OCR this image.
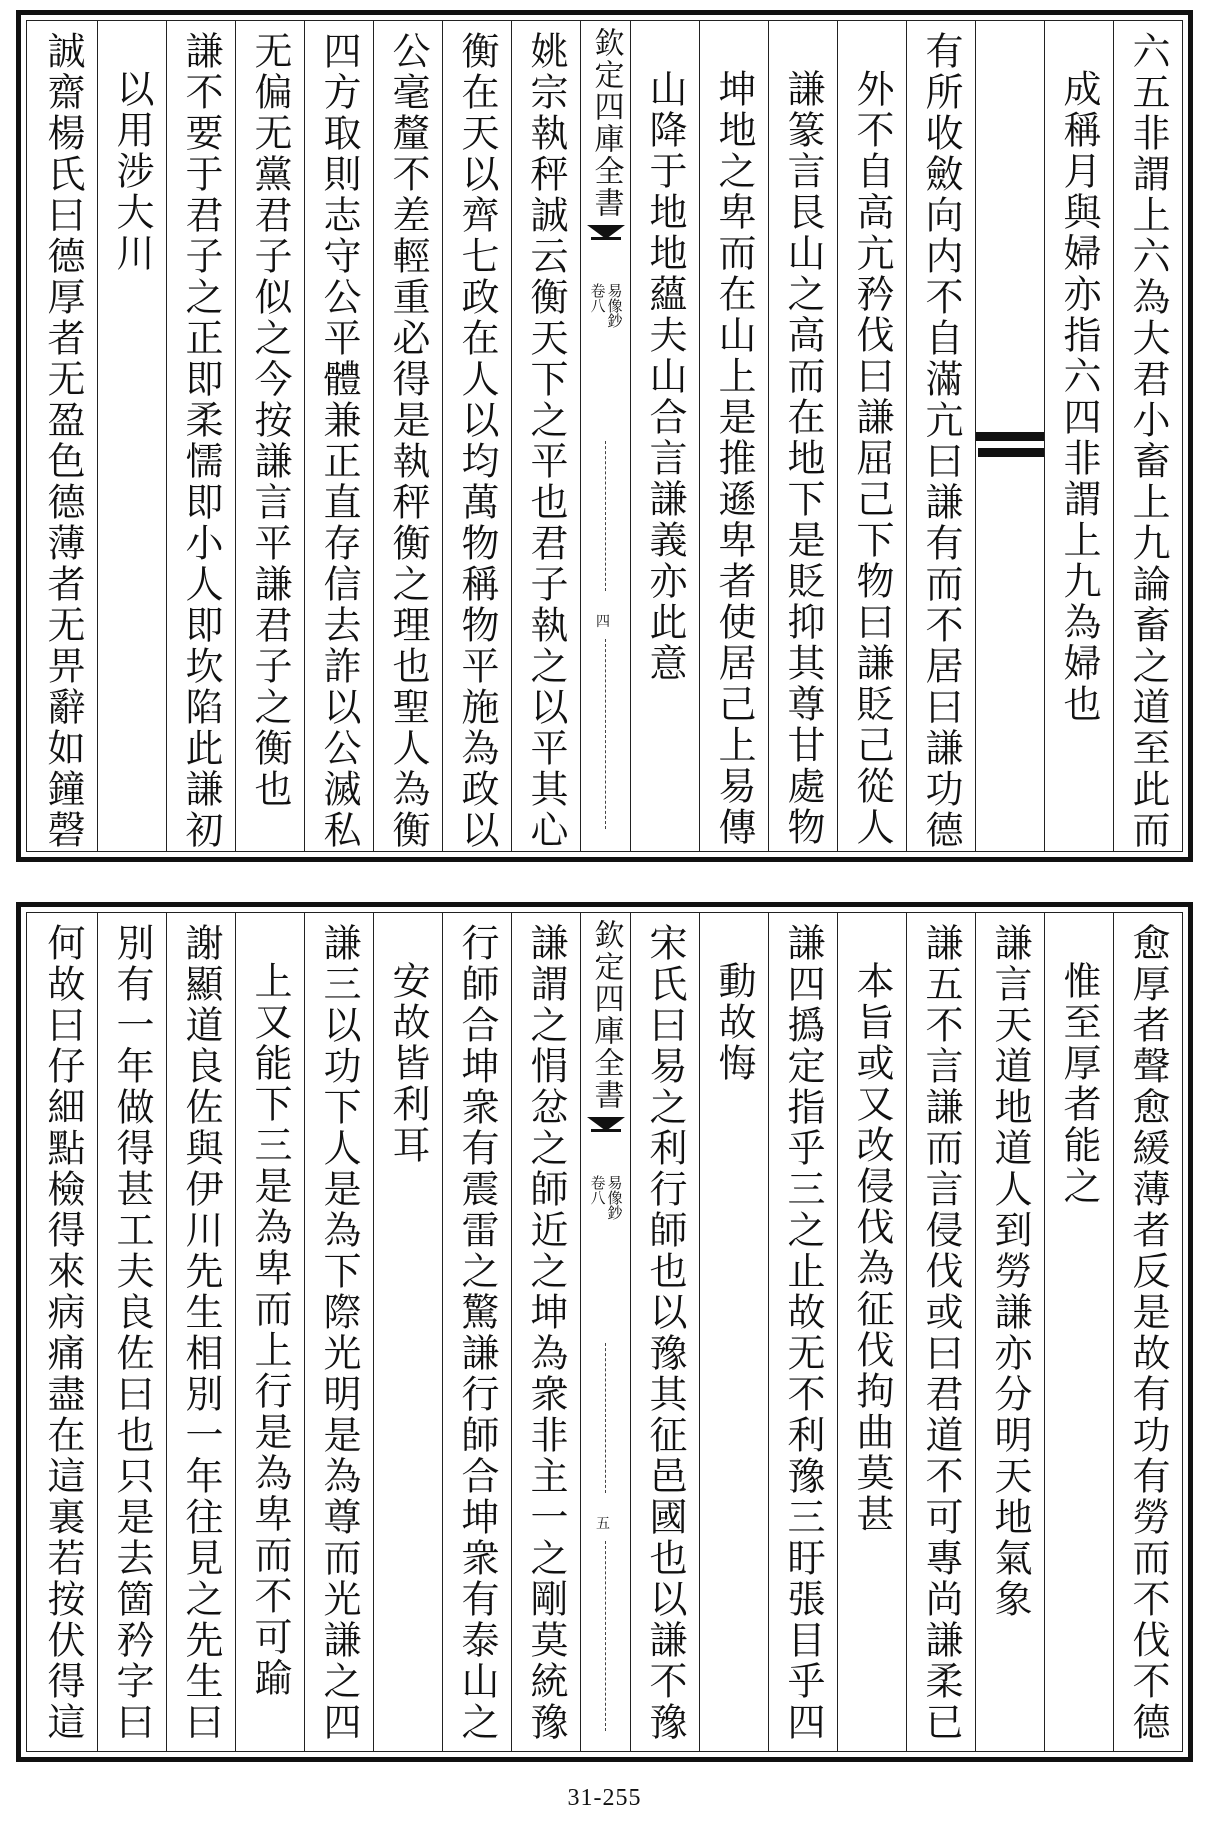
六五非謂上六為大君小畜上九論畜之道至此而
成稱月與婦亦指六四非謂上九為婦也
有所收斂向内不自滿亢曰謙有而不居曰謙功德
外不自高亢矜伐曰謙屈己下物曰謙貶己從人
謙篆言艮山之高而在地下是貶抑其尊甘處物
坤地之卑而在山上是推遜卑者使居己上易傳
山降于地地蘊夫山合言謙義亦此意
欽定四庫全書
易像鈔
卷八
四
姚宗執秤誠云衡天下之平也君子執之以平其心
衡在天以齊七政在人以均萬物稱物平施為政以
公毫釐不差輕重必得是執秤衡之理也聖人為衡
四方取則志守公平體兼正直存信去詐以公滅私
无偏无黨君子似之今按謙言平謙君子之衡也
謙不要于君子之正即柔懦即小人即坎陷此謙初
以用涉大川
誠齋楊氏曰德厚者无盈色德薄者无畀辭如鐘磬
愈厚者聲愈緩薄者反是故有功有勞而不伐不德
惟至厚者能之
謙言天道地道人到勞謙亦分明天地氣象
謙五不言謙而言侵伐或曰君道不可專尚謙柔已
本旨或又改侵伐為征伐拘曲莫甚
謙四撝定指乎三之止故无不利豫三盱張目乎四
動故悔
宋氏曰易之利行師也以豫其征邑國也以謙不豫
欽定四庫全書
易像鈔
卷八
五
謙謂之悁忿之師近之坤為衆非主一之剛莫統豫
行師合坤衆有震雷之驚謙行師合坤衆有泰山之
安故皆利耳
謙三以功下人是為下際光明是為尊而光謙之四
上又能下三是為卑而上行是為卑而不可踰
謝顯道良佐與伊川先生相別一年往見之先生曰
別有一年做得甚工夫良佐曰也只是去箇矜字曰
何故曰仔細點檢得來病痛盡在這裏若按伏得這
31-255
